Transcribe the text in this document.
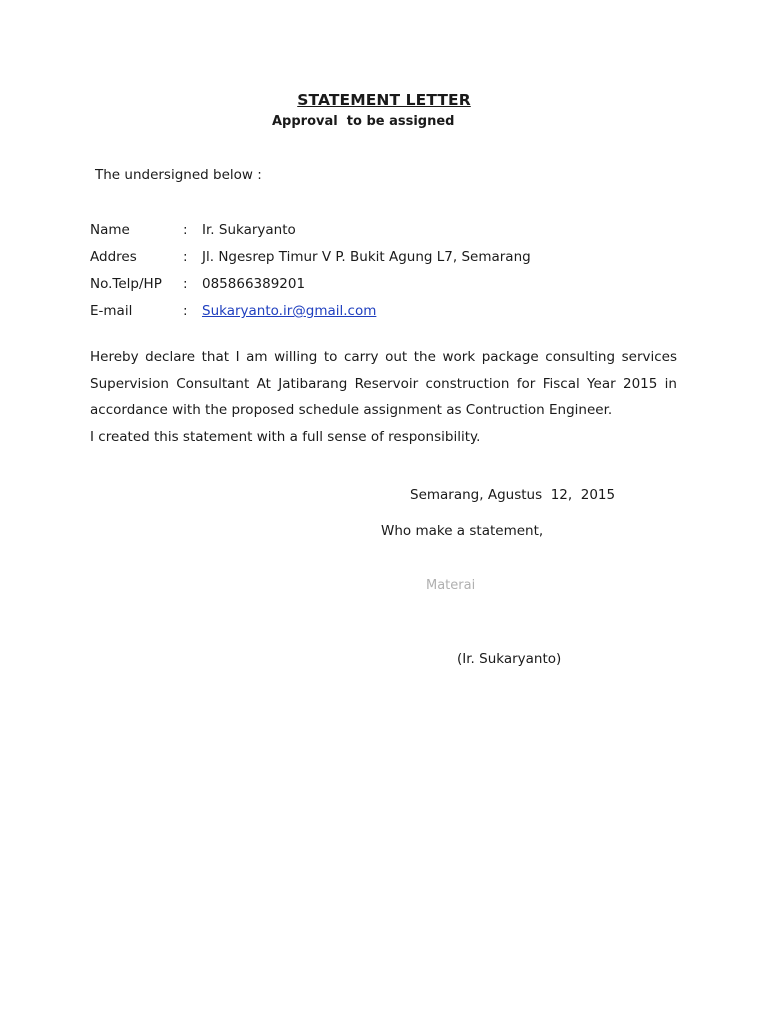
STATEMENT LETTER
Approval  to be assigned
The undersigned below :
Name	: Ir. Sukaryanto
Addres	: Jl. Ngesrep Timur V P. Bukit Agung L7, Semarang
No.Telp/HP : 085866389201
E-mail	: Sukaryanto.ir@gmail.com
Hereby declare that I am willing to carry out the work package consulting services
Supervision Consultant At Jatibarang Reservoir construction for Fiscal Year 2015 in
accordance with the proposed schedule assignment as Contruction Engineer.
I created this statement with a full sense of responsibility.
Semarang, Agustus  12,  2015
Who make a statement,
Materai
(Ir. Sukaryanto)
